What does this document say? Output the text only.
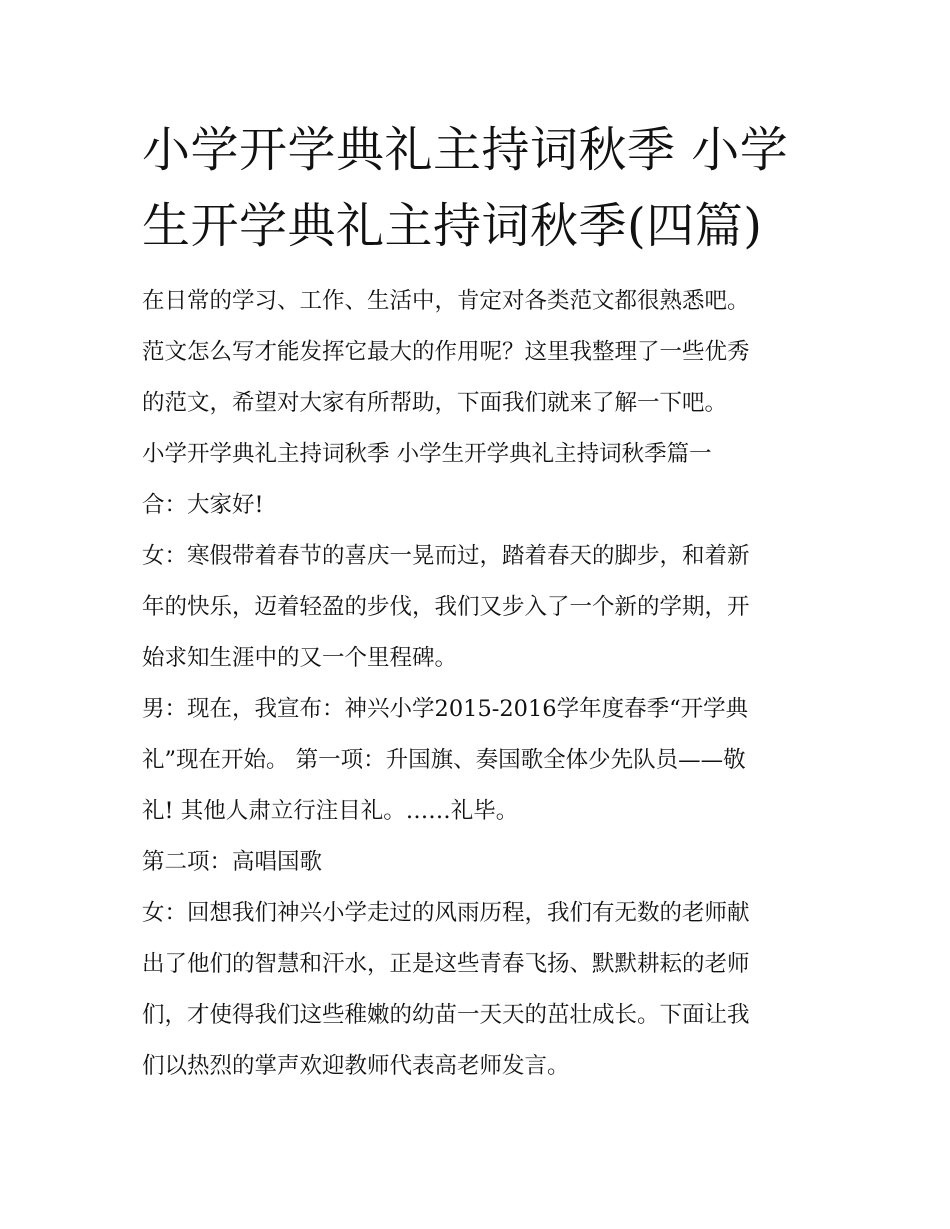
小学开学典礼主持词秋季 小学
生开学典礼主持词秋季(四篇)

在日常的学习、工作、生活中，肯定对各类范文都很熟悉吧。

范文怎么写才能发挥它最大的作用呢？这里我整理了一些优秀

的范文，希望对大家有所帮助，下面我们就来了解一下吧。

小学开学典礼主持词秋季 小学生开学典礼主持词秋季篇一

合：大家好!

女：寒假带着春节的喜庆一晃而过，踏着春天的脚步，和着新

年的快乐，迈着轻盈的步伐，我们又步入了一个新的学期，开

始求知生涯中的又一个里程碑。

男：现在，我宣布：神兴小学2015-2016学年度春季“开学典

礼”现在开始。 第一项：升国旗、奏国歌全体少先队员——敬

礼! 其他人肃立行注目礼。……礼毕。

第二项：高唱国歌

女：回想我们神兴小学走过的风雨历程，我们有无数的老师献

出了他们的智慧和汗水，正是这些青春飞扬、默默耕耘的老师

们，才使得我们这些稚嫩的幼苗一天天的茁壮成长。下面让我

们以热烈的掌声欢迎教师代表高老师发言。
